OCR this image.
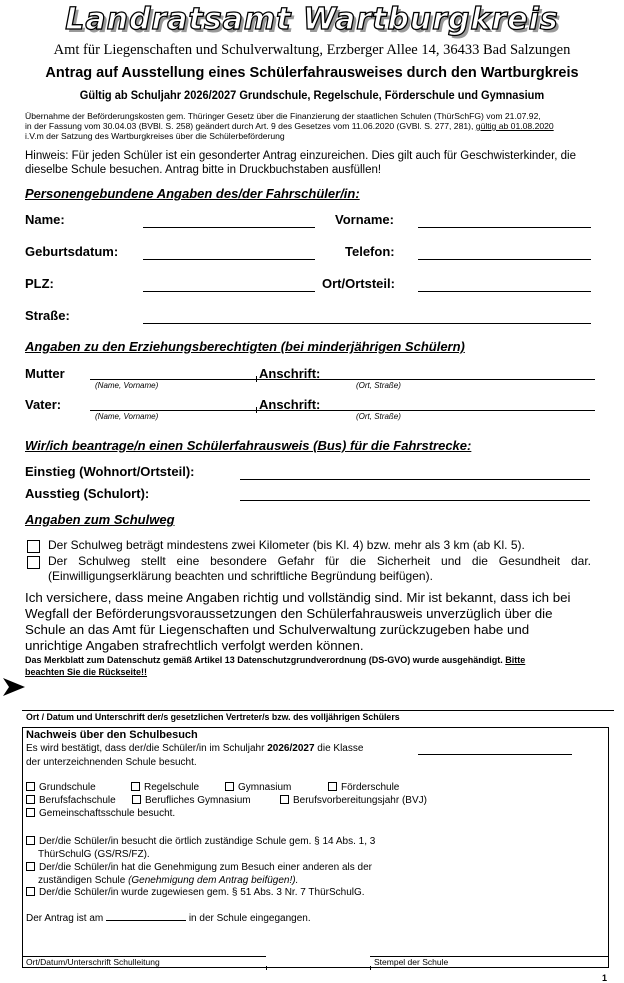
Landratsamt Wartburgkreis
Amt für Liegenschaften und Schulverwaltung, Erzberger Allee 14, 36433 Bad Salzungen
Antrag auf Ausstellung eines Schülerfahrausweises durch den Wartburgkreis
Gültig ab Schuljahr 2026/2027 Grundschule, Regelschule, Förderschule und Gymnasium
Übernahme der Beförderungskosten gem. Thüringer Gesetz über die Finanzierung der staatlichen Schulen (ThürSchFG) vom 21.07.92,
in der Fassung vom 30.04.03 (BVBl. S. 258) geändert durch Art. 9 des Gesetzes vom 11.06.2020 (GVBl. S. 277, 281), gültig ab 01.08.2020
i.V.m der Satzung des Wartburgkreises über die Schülerbeförderung
Hinweis: Für jeden Schüler ist ein gesonderter Antrag einzureichen. Dies gilt auch für Geschwisterkinder, die dieselbe Schule besuchen. Antrag bitte in Druckbuchstaben ausfüllen!
Personengebundene Angaben des/der Fahrschüler/in:
Name:	Vorname:
Geburtsdatum:	Telefon:
PLZ:	Ort/Ortsteil:
Straße:
Angaben zu den Erziehungsberechtigten (bei minderjährigen Schülern)
Mutter	Anschrift:
(Name, Vorname)	(Ort, Straße)
Vater:	Anschrift:
(Name, Vorname)	(Ort, Straße)
Wir/ich beantrage/n einen Schülerfahrausweis (Bus) für die Fahrstrecke:
Einstieg (Wohnort/Ortsteil):
Ausstieg (Schulort):
Angaben zum Schulweg
Der Schulweg beträgt mindestens zwei Kilometer (bis Kl. 4) bzw. mehr als 3 km (ab Kl. 5).
Der Schulweg stellt eine besondere Gefahr für die Sicherheit und die Gesundheit dar.
(Einwilligungserklärung beachten und schriftliche Begründung beifügen).
Ich versichere, dass meine Angaben richtig und vollständig sind. Mir ist bekannt, dass ich bei Wegfall der Beförderungsvoraussetzungen den Schülerfahrausweis unverzüglich über die Schule an das Amt für Liegenschaften und Schulverwaltung zurückzugeben habe und unrichtige Angaben strafrechtlich verfolgt werden können.
Das Merkblatt zum Datenschutz gemäß Artikel 13 Datenschutzgrundverordnung (DS-GVO) wurde ausgehändigt. Bitte beachten Sie die Rückseite!!
Ort / Datum und Unterschrift der/s gesetzlichen Vertreter/s bzw. des volljährigen Schülers
Nachweis über den Schulbesuch
Es wird bestätigt, dass der/die Schüler/in im Schuljahr 2026/2027 die Klasse
der unterzeichnenden Schule besucht.
Grundschule	Regelschule	Gymnasium	Förderschule
Berufsfachschule	Berufliches Gymnasium	Berufsvorbereitungsjahr (BVJ)
Gemeinschaftsschule besucht.
Der/die Schüler/in besucht die örtlich zuständige Schule gem. § 14 Abs. 1, 3
ThürSchulG (GS/RS/FZ).
Der/die Schüler/in hat die Genehmigung zum Besuch einer anderen als der
zuständigen Schule (Genehmigung dem Antrag beifügen!).
Der/die Schüler/in wurde zugewiesen gem. § 51 Abs. 3 Nr. 7 ThürSchulG.
Der Antrag ist am	in der Schule eingegangen.
Ort/Datum/Unterschrift Schulleitung	Stempel der Schule
1
